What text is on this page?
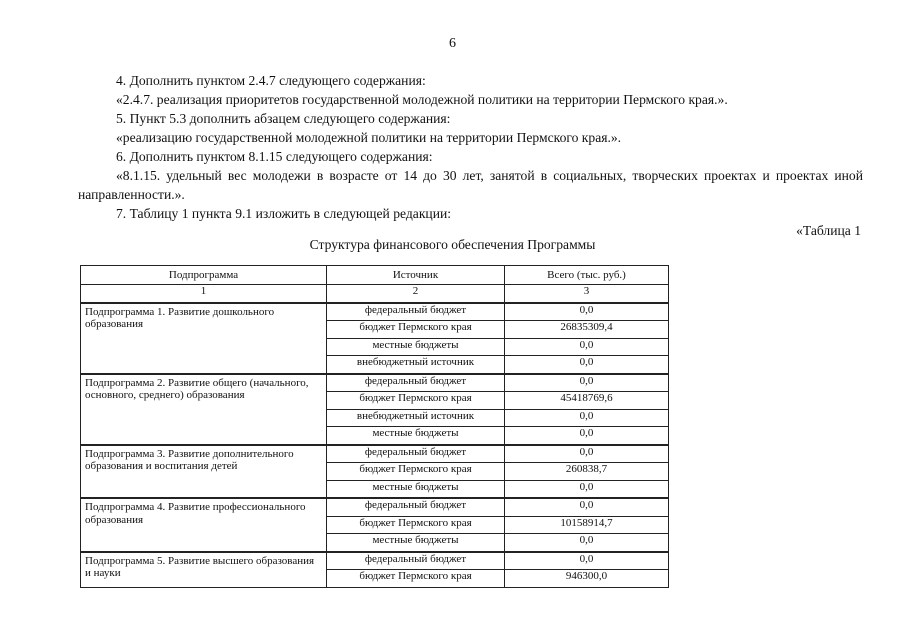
6
4. Дополнить пунктом 2.4.7 следующего содержания:
«2.4.7. реализация приоритетов государственной молодежной политики на территории Пермского края.».
5. Пункт 5.3 дополнить абзацем следующего содержания:
«реализацию государственной молодежной политики на территории Пермского края.».
6. Дополнить пунктом 8.1.15 следующего содержания:
«8.1.15. удельный вес молодежи в возрасте от 14 до 30 лет, занятой в социальных, творческих проектах и проектах иной направленности.».
7. Таблицу 1 пункта 9.1 изложить в следующей редакции:
«Таблица 1
Структура финансового обеспечения Программы
Подпрограмма	Источник	Всего (тыс. руб.)
1	2	3
Подпрограмма 1. Развитие дошкольного образования	федеральный бюджет	0,0
	бюджет Пермского края	26835309,4
	местные бюджеты	0,0
	внебюджетный источник	0,0
Подпрограмма 2. Развитие общего (начального, основного, среднего) образования	федеральный бюджет	0,0
	бюджет Пермского края	45418769,6
	внебюджетный источник	0,0
	местные бюджеты	0,0
Подпрограмма 3. Развитие дополнительного образования и воспитания детей	федеральный бюджет	0,0
	бюджет Пермского края	260838,7
	местные бюджеты	0,0
Подпрограмма 4. Развитие профессионального образования	федеральный бюджет	0,0
	бюджет Пермского края	10158914,7
	местные бюджеты	0,0
Подпрограмма 5. Развитие высшего образования и науки	федеральный бюджет	0,0
	бюджет Пермского края	946300,0
